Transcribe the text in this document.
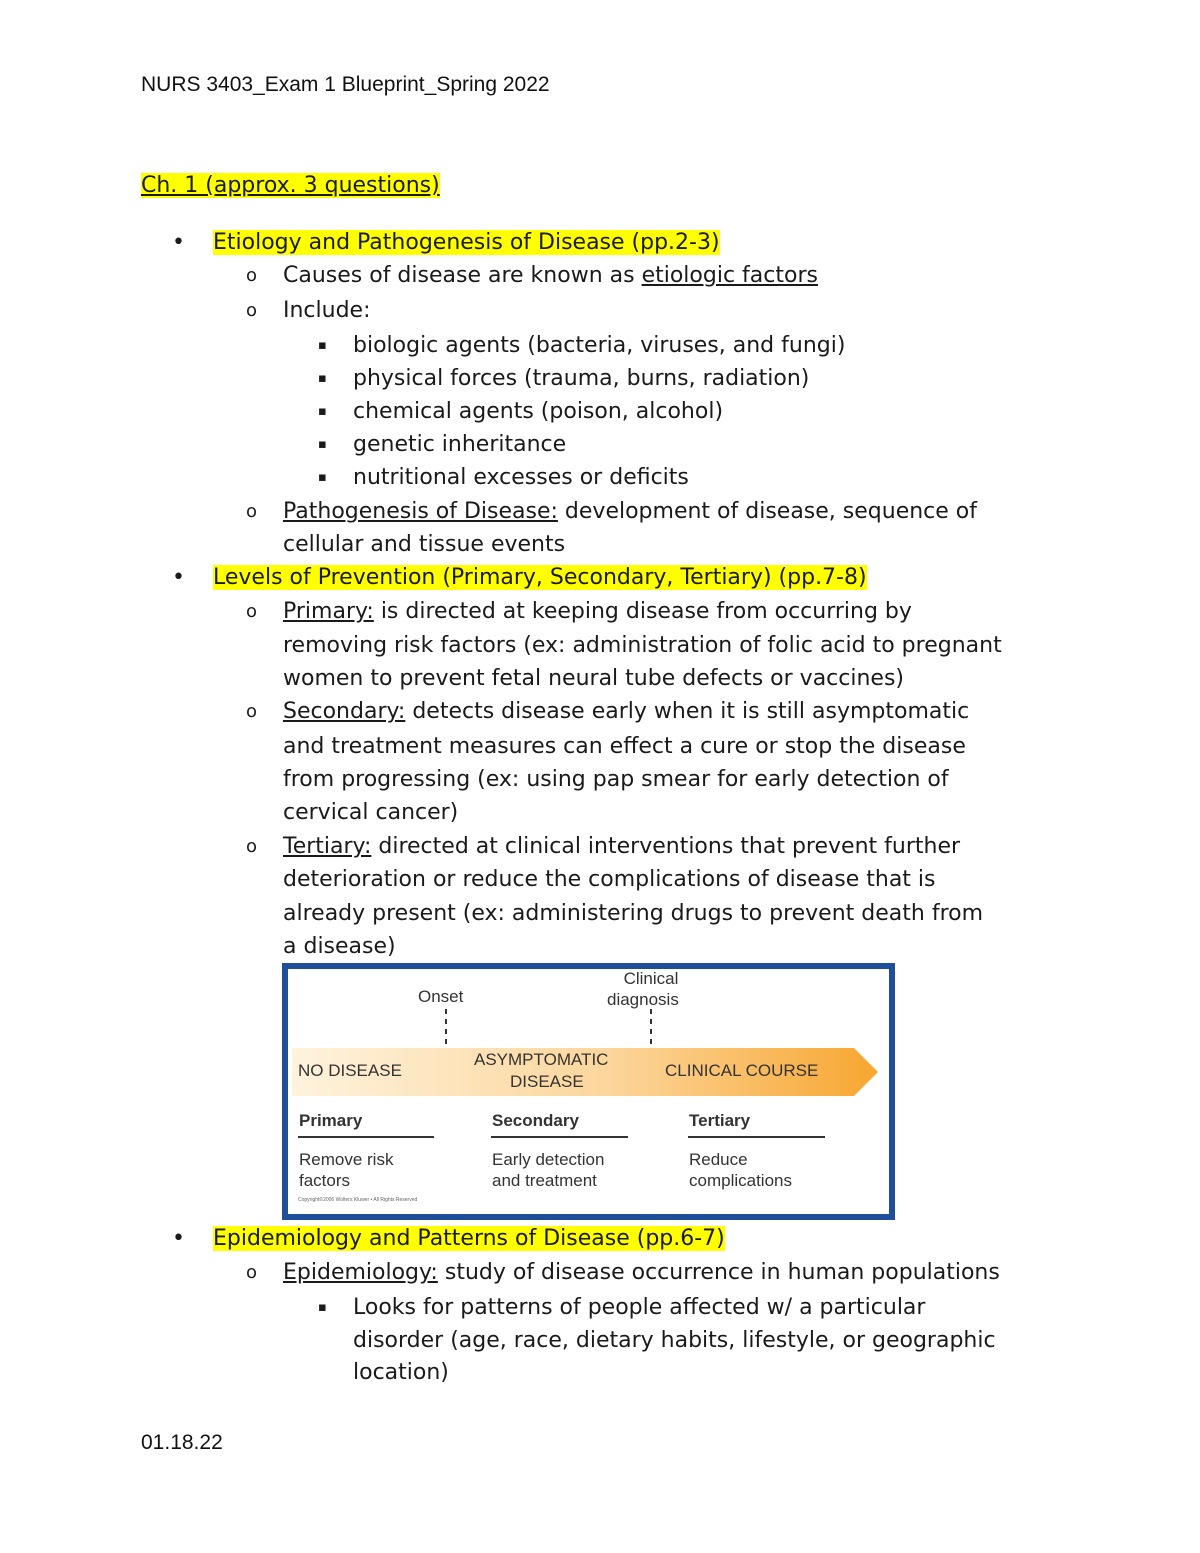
NURS 3403_Exam 1 Blueprint_Spring 2022
Ch. 1 (approx. 3 questions)
• Etiology and Pathogenesis of Disease (pp.2-3)
o Causes of disease are known as etiologic factors
o Include:
▪ biologic agents (bacteria, viruses, and fungi)
▪ physical forces (trauma, burns, radiation)
▪ chemical agents (poison, alcohol)
▪ genetic inheritance
▪ nutritional excesses or deficits
o Pathogenesis of Disease: development of disease, sequence of
cellular and tissue events
• Levels of Prevention (Primary, Secondary, Tertiary) (pp.7-8)
o Primary: is directed at keeping disease from occurring by
removing risk factors (ex: administration of folic acid to pregnant
women to prevent fetal neural tube defects or vaccines)
o Secondary: detects disease early when it is still asymptomatic
and treatment measures can effect a cure or stop the disease
from progressing (ex: using pap smear for early detection of
cervical cancer)
o Tertiary: directed at clinical interventions that prevent further
deterioration or reduce the complications of disease that is
already present (ex: administering drugs to prevent death from
a disease)
Onset
Clinical
diagnosis
NO DISEASE
ASYMPTOMATIC
DISEASE
CLINICAL COURSE
Primary
Remove risk
factors
Secondary
Early detection
and treatment
Tertiary
Reduce
complications
Copyright©2006 Wolters Kluwer • All Rights Reserved
• Epidemiology and Patterns of Disease (pp.6-7)
o Epidemiology: study of disease occurrence in human populations
▪ Looks for patterns of people affected w/ a particular
disorder (age, race, dietary habits, lifestyle, or geographic
location)
01.18.22
